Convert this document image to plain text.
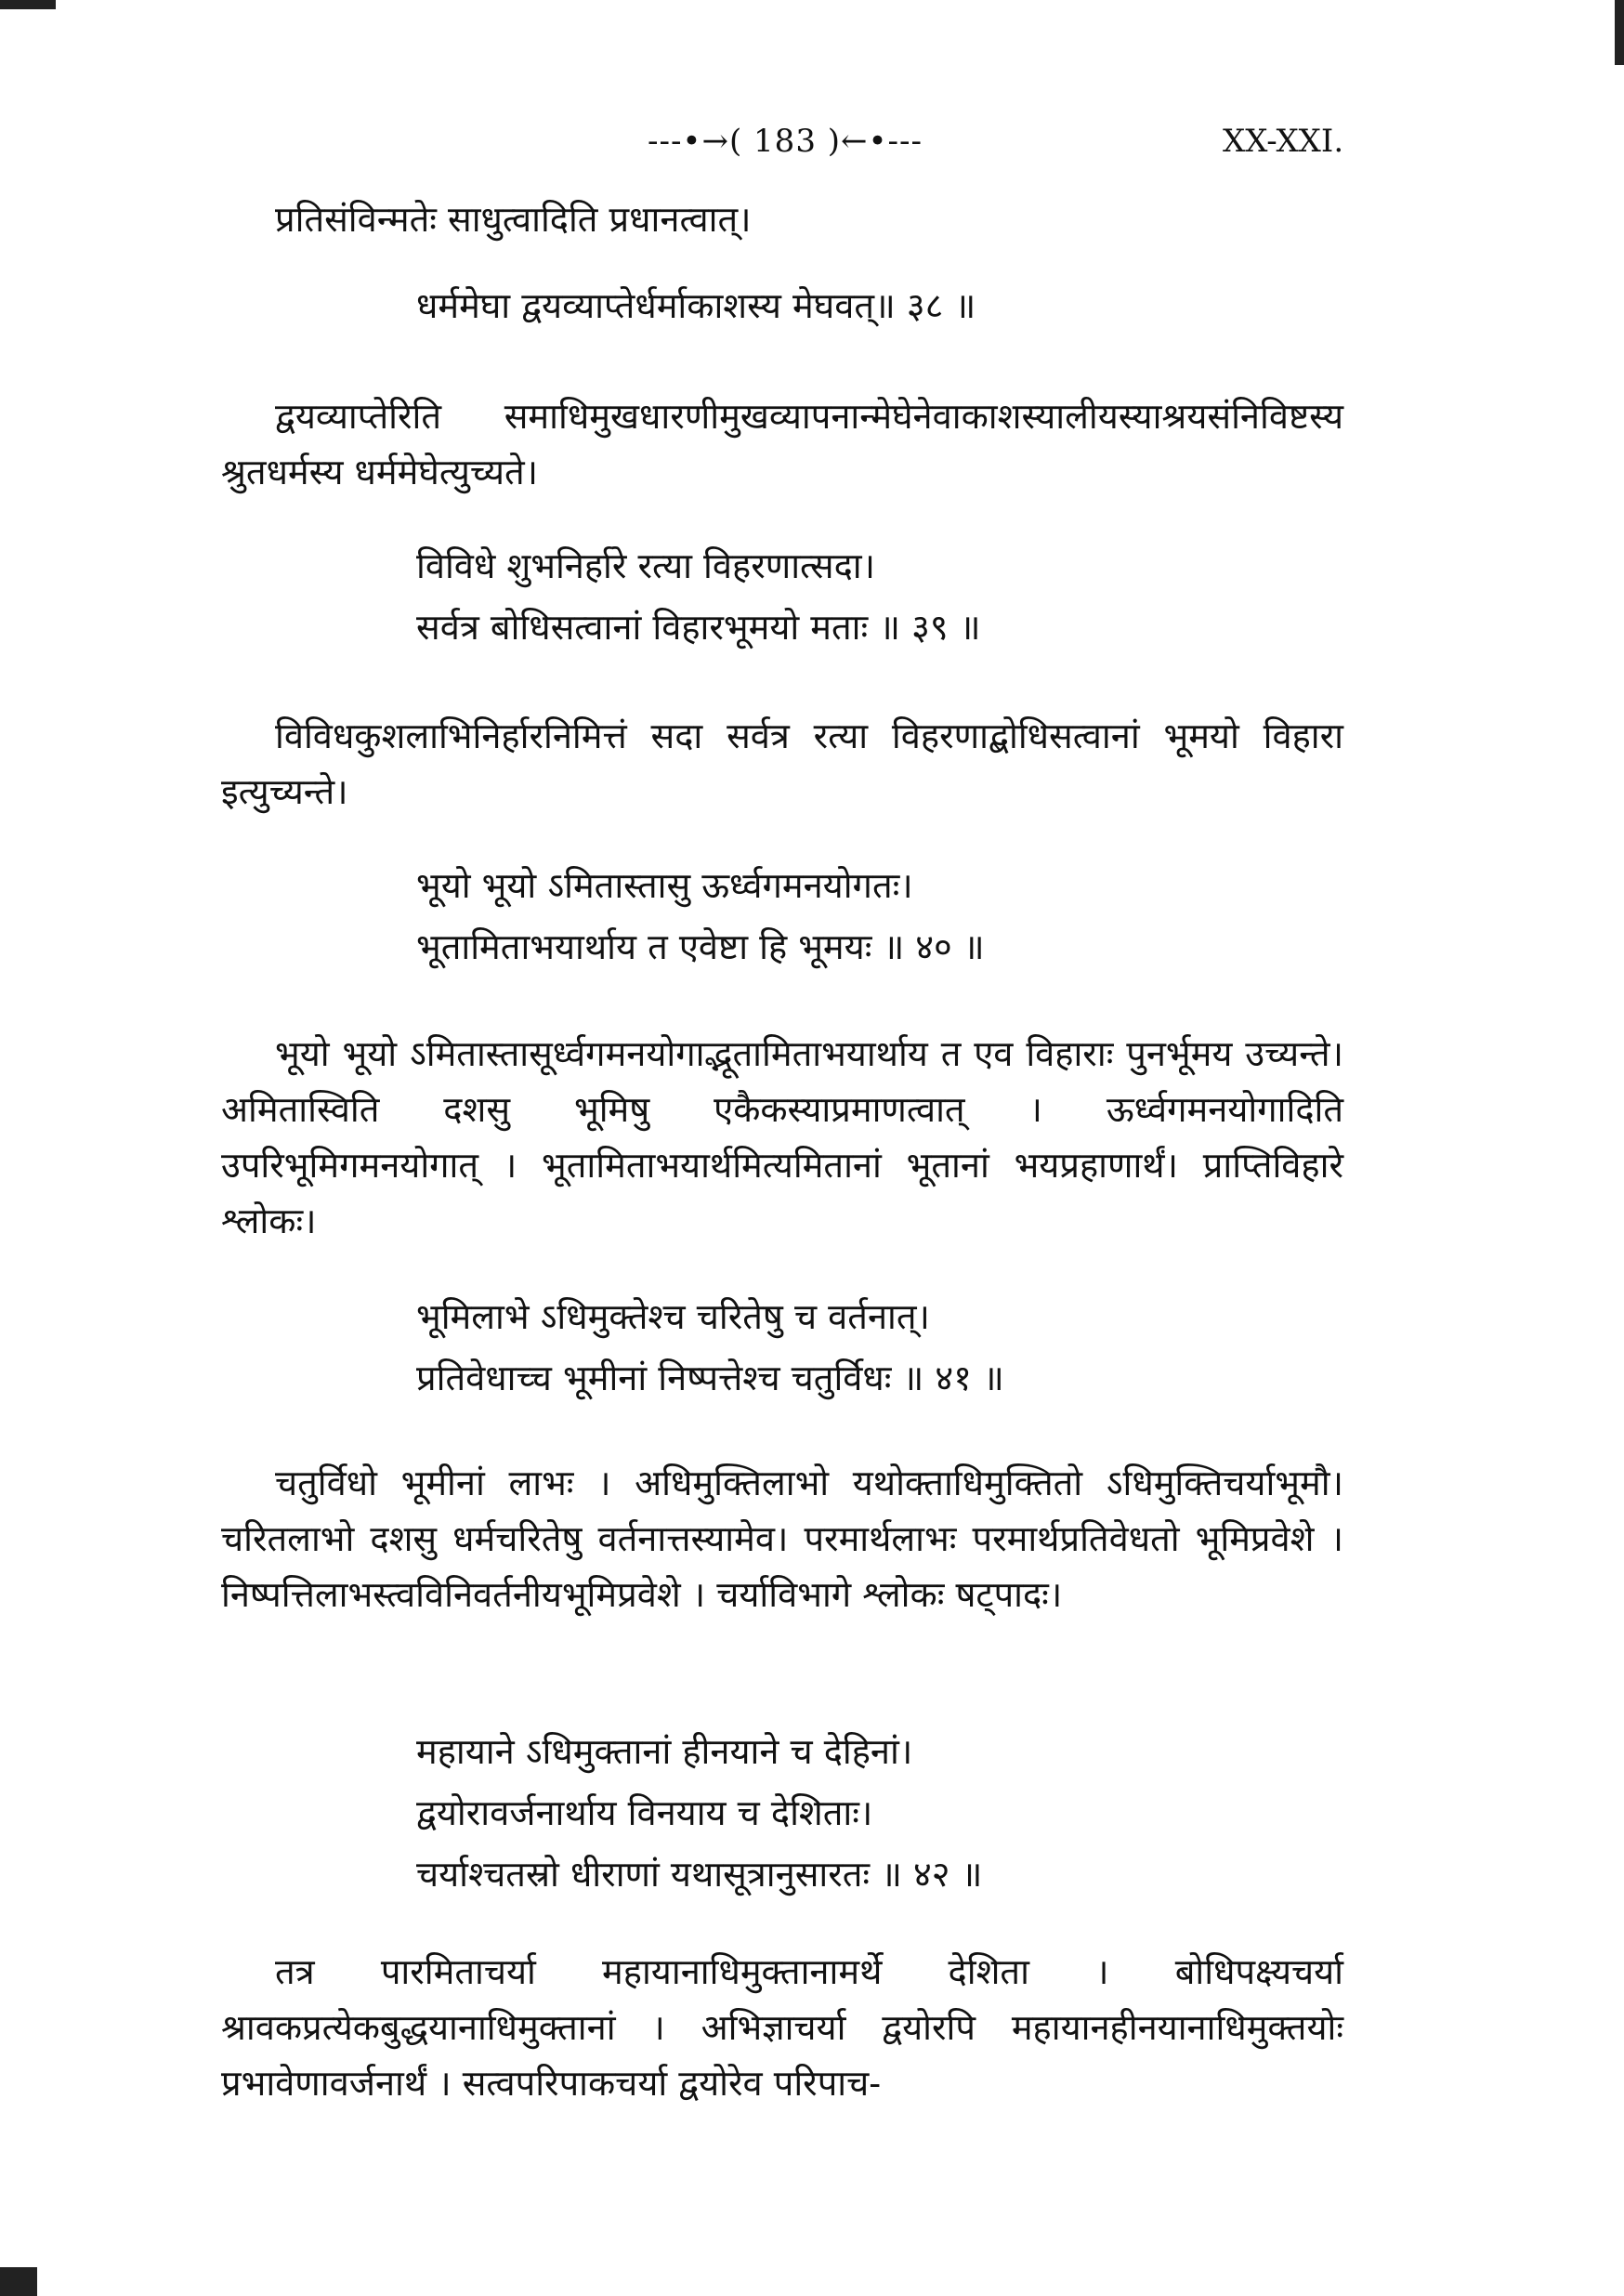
---•→( 183 )←•---	XX-XXI.

प्रतिसंविन्मतेः साधुत्वादिति प्रधानत्वात्।

धर्ममेघा द्वयव्याप्तेर्धर्माकाशस्य मेघवत्॥ ३८ ॥

द्वयव्याप्तेरिति समाधिमुखधारणीमुखव्यापनान्मेघेनेवाकाशस्यालीयस्याश्रयसंनिविष्टस्य श्रुतधर्मस्य धर्ममेघेत्युच्यते।

विविधे शुभनिर्हारे रत्या विहरणात्सदा।
सर्वत्र बोधिसत्वानां विहारभूमयो मताः ॥ ३९ ॥

विविधकुशलाभिनिर्हारनिमित्तं सदा सर्वत्र रत्या विहरणाद्बोधिसत्वानां भूमयो विहारा इत्युच्यन्ते।

भूयो भूयो ऽमितास्तासु ऊर्ध्वगमनयोगतः।
भूतामिताभयार्थाय त एवेष्टा हि भूमयः ॥ ४० ॥

भूयो भूयो ऽमितास्तासूर्ध्वगमनयोगाद्भूतामिताभयार्थाय त एव विहाराः पुनर्भूमय उच्यन्ते। अमितास्विति दशसु भूमिषु एकैकस्याप्रमाणत्वात् । ऊर्ध्वगमनयोगादिति उपरिभूमिगमनयोगात् । भूतामिताभयार्थमित्यमितानां भूतानां भयप्रहाणार्थं। प्राप्तिविहारे श्लोकः।

भूमिलाभे ऽधिमुक्तेश्च चरितेषु च वर्तनात्।
प्रतिवेधाच्च भूमीनां निष्पत्तेश्च चतुर्विधः ॥ ४१ ॥

चतुर्विधो भूमीनां लाभः । अधिमुक्तिलाभो यथोक्ताधिमुक्तितो ऽधिमुक्तिचर्याभूमौ। चरितलाभो दशसु धर्मचरितेषु वर्तनात्तस्यामेव। परमार्थलाभः परमार्थप्रतिवेधतो भूमिप्रवेशे । निष्पत्तिलाभस्त्वविनिवर्तनीयभूमिप्रवेशे । चर्याविभागे श्लोकः षट्पादः।

महायाने ऽधिमुक्तानां हीनयाने च देहिनां।
द्वयोरावर्जनार्थाय विनयाय च देशिताः।
चर्याश्चतस्रो धीराणां यथासूत्रानुसारतः ॥ ४२ ॥

तत्र पारमिताचर्या महायानाधिमुक्तानामर्थे देशिता । बोधिपक्ष्यचर्या श्रावकप्रत्येकबुद्धयानाधिमुक्तानां । अभिज्ञाचर्या द्वयोरपि महायानहीनयानाधिमुक्तयोः प्रभावेणावर्जनार्थं । सत्वपरिपाकचर्या द्वयोरेव परिपाच-
